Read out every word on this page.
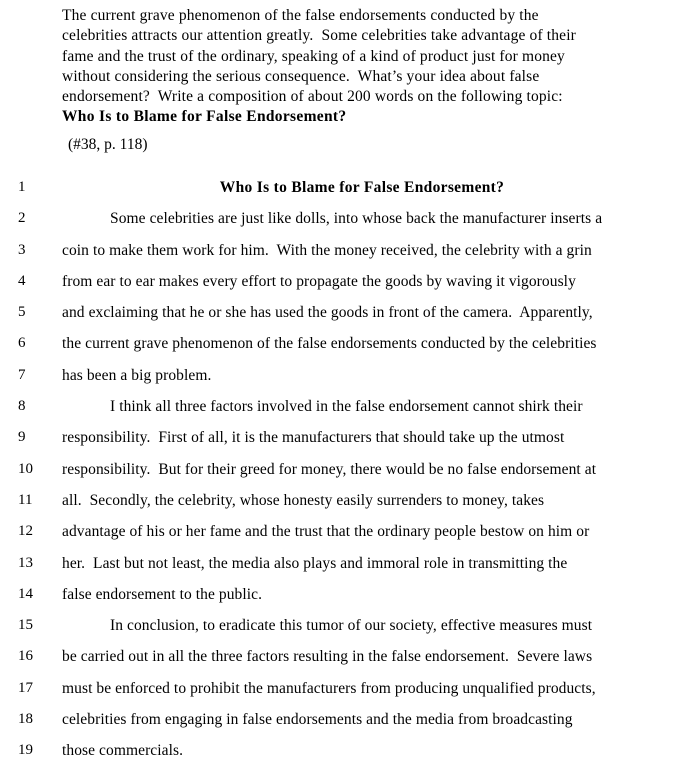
The current grave phenomenon of the false endorsements conducted by the
celebrities attracts our attention greatly.  Some celebrities take advantage of their
fame and the trust of the ordinary, speaking of a kind of product just for money
without considering the serious consequence.  What’s your idea about false
endorsement?  Write a composition of about 200 words on the following topic:
Who Is to Blame for False Endorsement?
(#38, p. 118)
1	Who Is to Blame for False Endorsement?
2	Some celebrities are just like dolls, into whose back the manufacturer inserts a
3	coin to make them work for him.  With the money received, the celebrity with a grin
4	from ear to ear makes every effort to propagate the goods by waving it vigorously
5	and exclaiming that he or she has used the goods in front of the camera.  Apparently,
6	the current grave phenomenon of the false endorsements conducted by the celebrities
7	has been a big problem.
8	I think all three factors involved in the false endorsement cannot shirk their
9	responsibility.  First of all, it is the manufacturers that should take up the utmost
10	responsibility.  But for their greed for money, there would be no false endorsement at
11	all.  Secondly, the celebrity, whose honesty easily surrenders to money, takes
12	advantage of his or her fame and the trust that the ordinary people bestow on him or
13	her.  Last but not least, the media also plays and immoral role in transmitting the
14	false endorsement to the public.
15	In conclusion, to eradicate this tumor of our society, effective measures must
16	be carried out in all the three factors resulting in the false endorsement.  Severe laws
17	must be enforced to prohibit the manufacturers from producing unqualified products,
18	celebrities from engaging in false endorsements and the media from broadcasting
19	those commercials.
